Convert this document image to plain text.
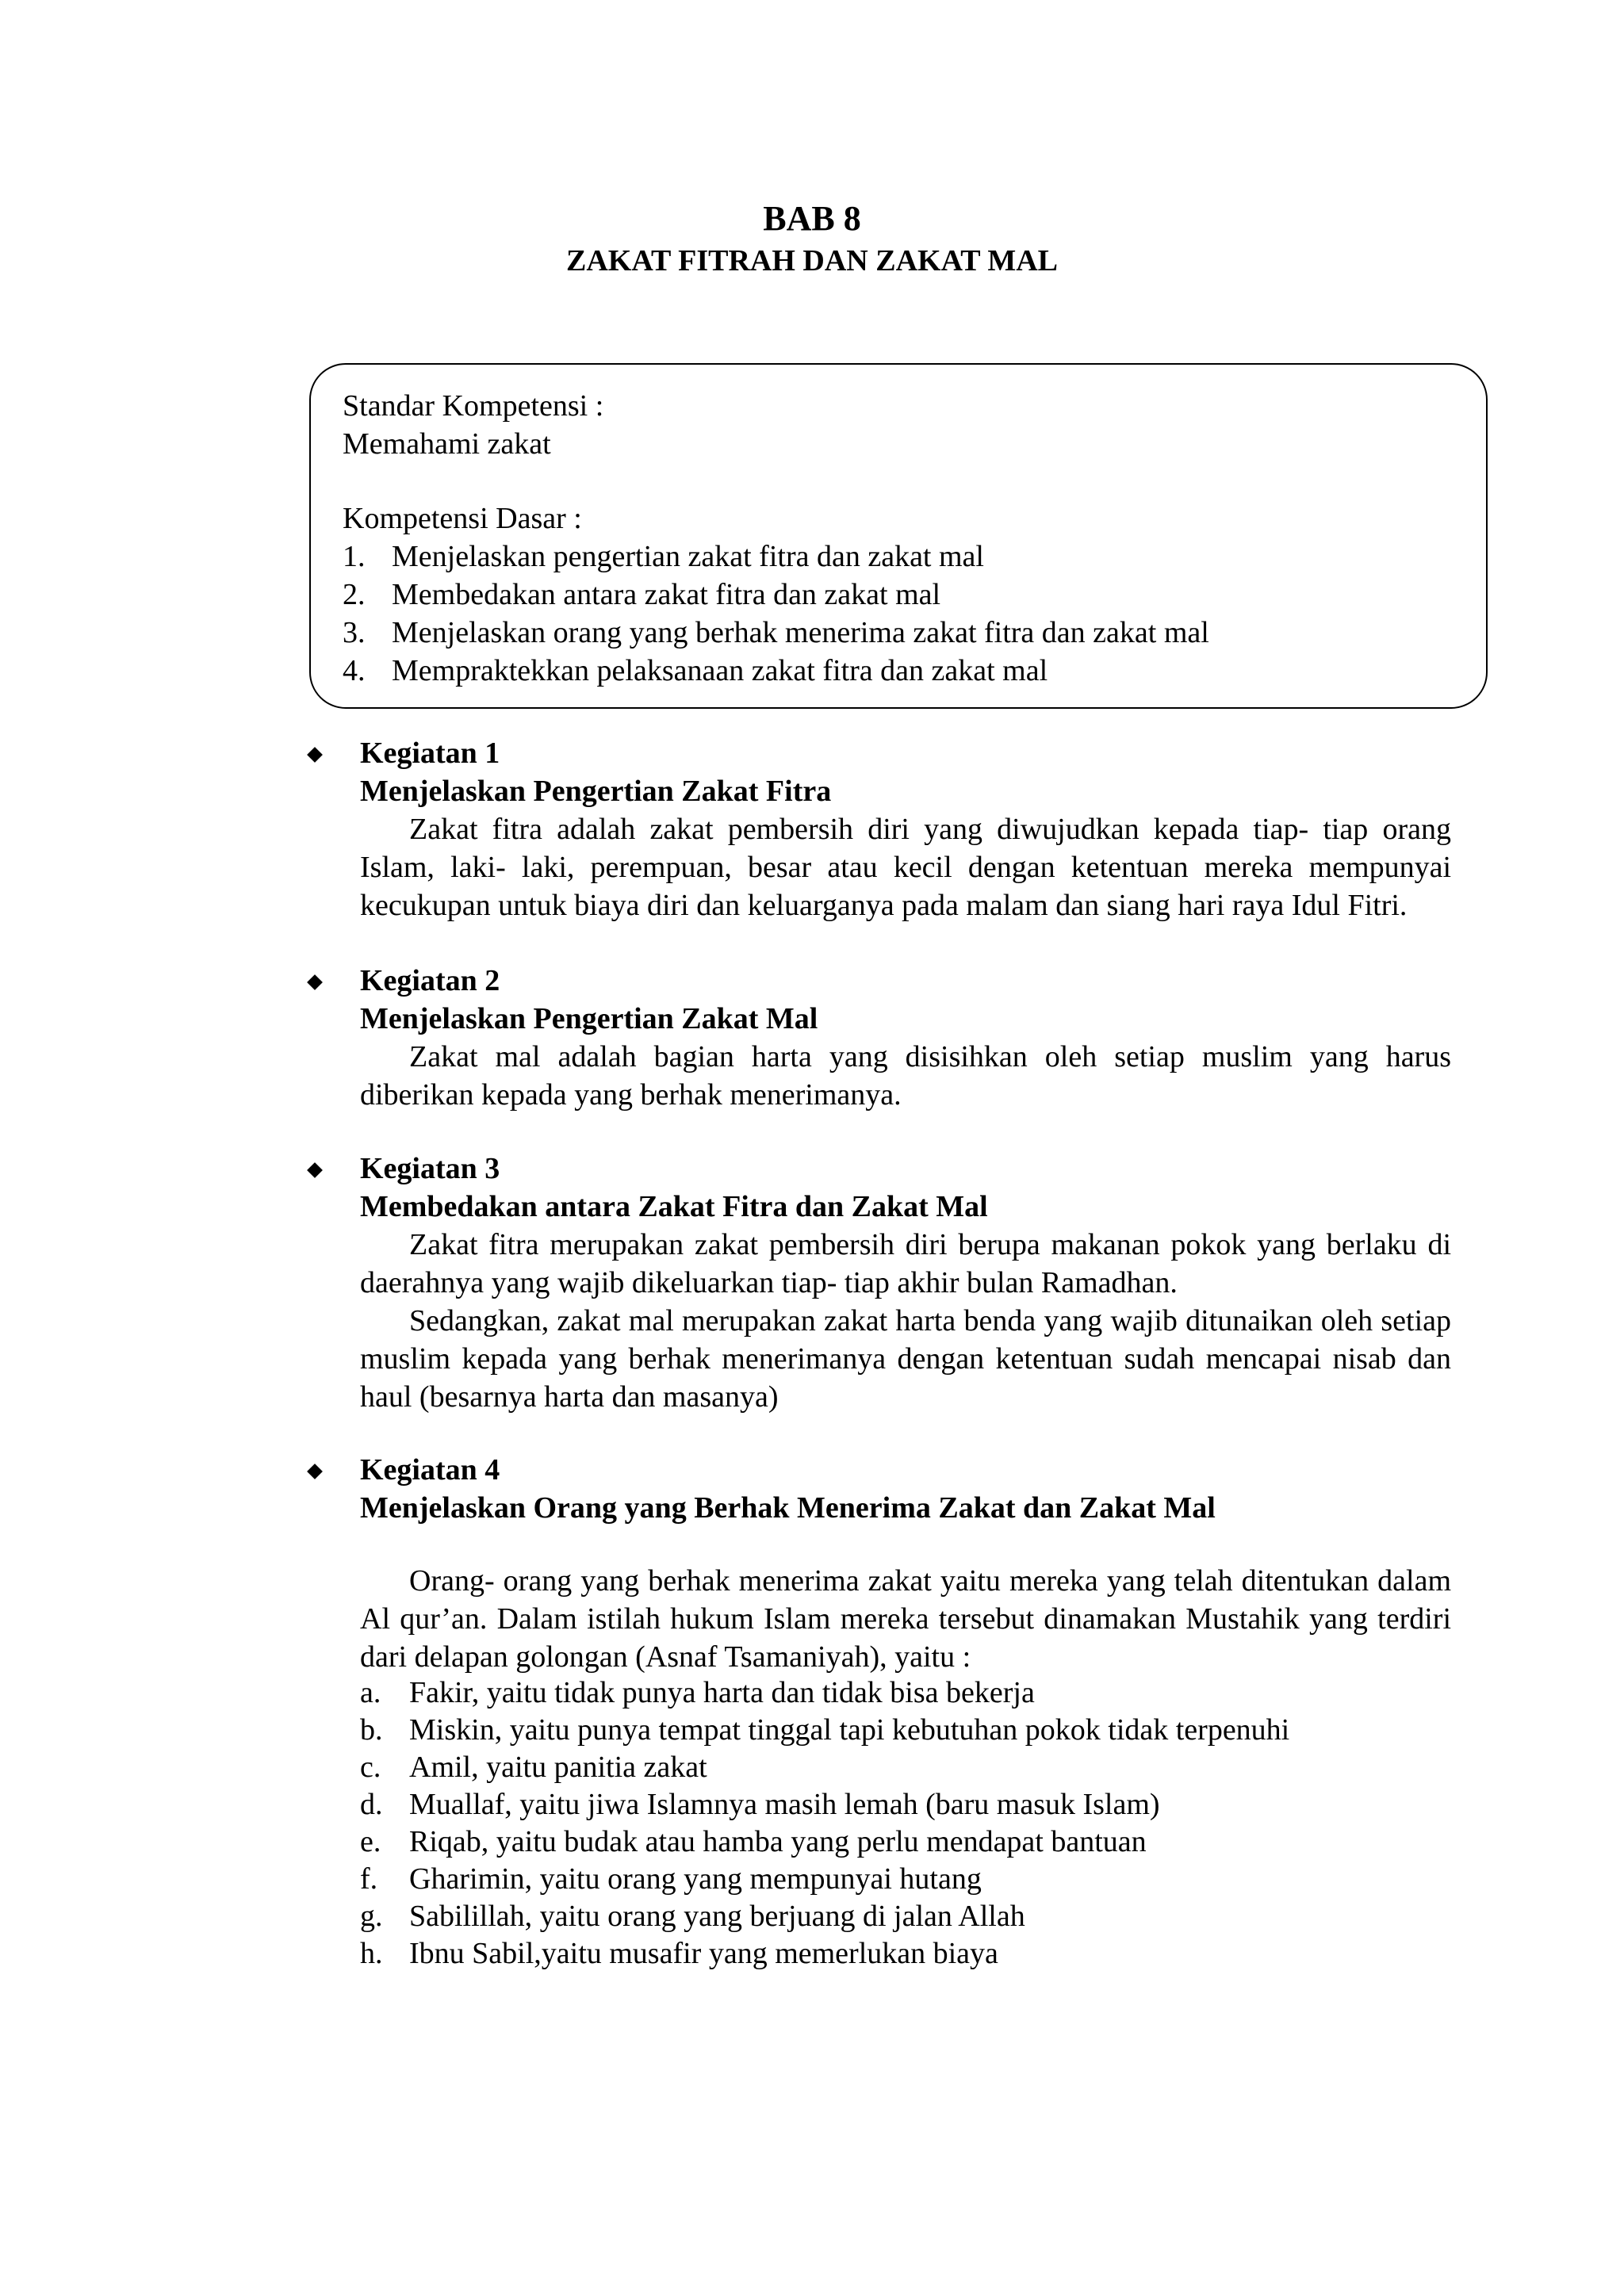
BAB 8
ZAKAT FITRAH DAN ZAKAT MAL
Standar Kompetensi :
Memahami zakat
Kompetensi Dasar :
1. Menjelaskan pengertian zakat fitra dan zakat mal
2. Membedakan antara zakat fitra dan zakat mal
3. Menjelaskan orang yang berhak menerima zakat fitra dan zakat mal
4. Mempraktekkan pelaksanaan zakat fitra dan zakat mal
Kegiatan 1
Menjelaskan Pengertian Zakat Fitra

Zakat fitra adalah zakat pembersih diri yang diwujudkan kepada tiap- tiap orang Islam, laki- laki, perempuan, besar atau kecil dengan ketentuan mereka mempunyai kecukupan untuk biaya diri dan keluarganya pada malam dan siang hari raya Idul Fitri.

Kegiatan 2
Menjelaskan Pengertian Zakat Mal

Zakat mal adalah bagian harta yang disisihkan oleh setiap muslim yang harus diberikan kepada yang berhak menerimanya.

Kegiatan 3
Membedakan antara Zakat Fitra dan Zakat Mal

Zakat fitra merupakan zakat pembersih diri berupa makanan pokok yang berlaku di daerahnya yang wajib dikeluarkan tiap- tiap akhir bulan Ramadhan.

Sedangkan, zakat mal merupakan zakat harta benda yang wajib ditunaikan oleh setiap muslim kepada yang berhak menerimanya dengan ketentuan sudah mencapai nisab dan haul (besarnya harta dan masanya)

Kegiatan 4
Menjelaskan Orang yang Berhak Menerima Zakat dan Zakat Mal

Orang- orang yang berhak menerima zakat yaitu mereka yang telah ditentukan dalam Al qur’an. Dalam istilah hukum Islam mereka tersebut dinamakan Mustahik yang terdiri dari delapan golongan (Asnaf Tsamaniyah), yaitu :

a. Fakir, yaitu tidak punya harta dan tidak bisa bekerja
b. Miskin, yaitu punya tempat tinggal tapi kebutuhan pokok tidak terpenuhi
c. Amil, yaitu panitia zakat
d. Muallaf, yaitu jiwa Islamnya masih lemah (baru masuk Islam)
e. Riqab, yaitu budak atau hamba yang perlu mendapat bantuan
f.	Gharimin, yaitu orang yang mempunyai hutang
g. Sabilillah, yaitu orang yang berjuang di jalan Allah
h. Ibnu Sabil,yaitu musafir yang memerlukan biaya
